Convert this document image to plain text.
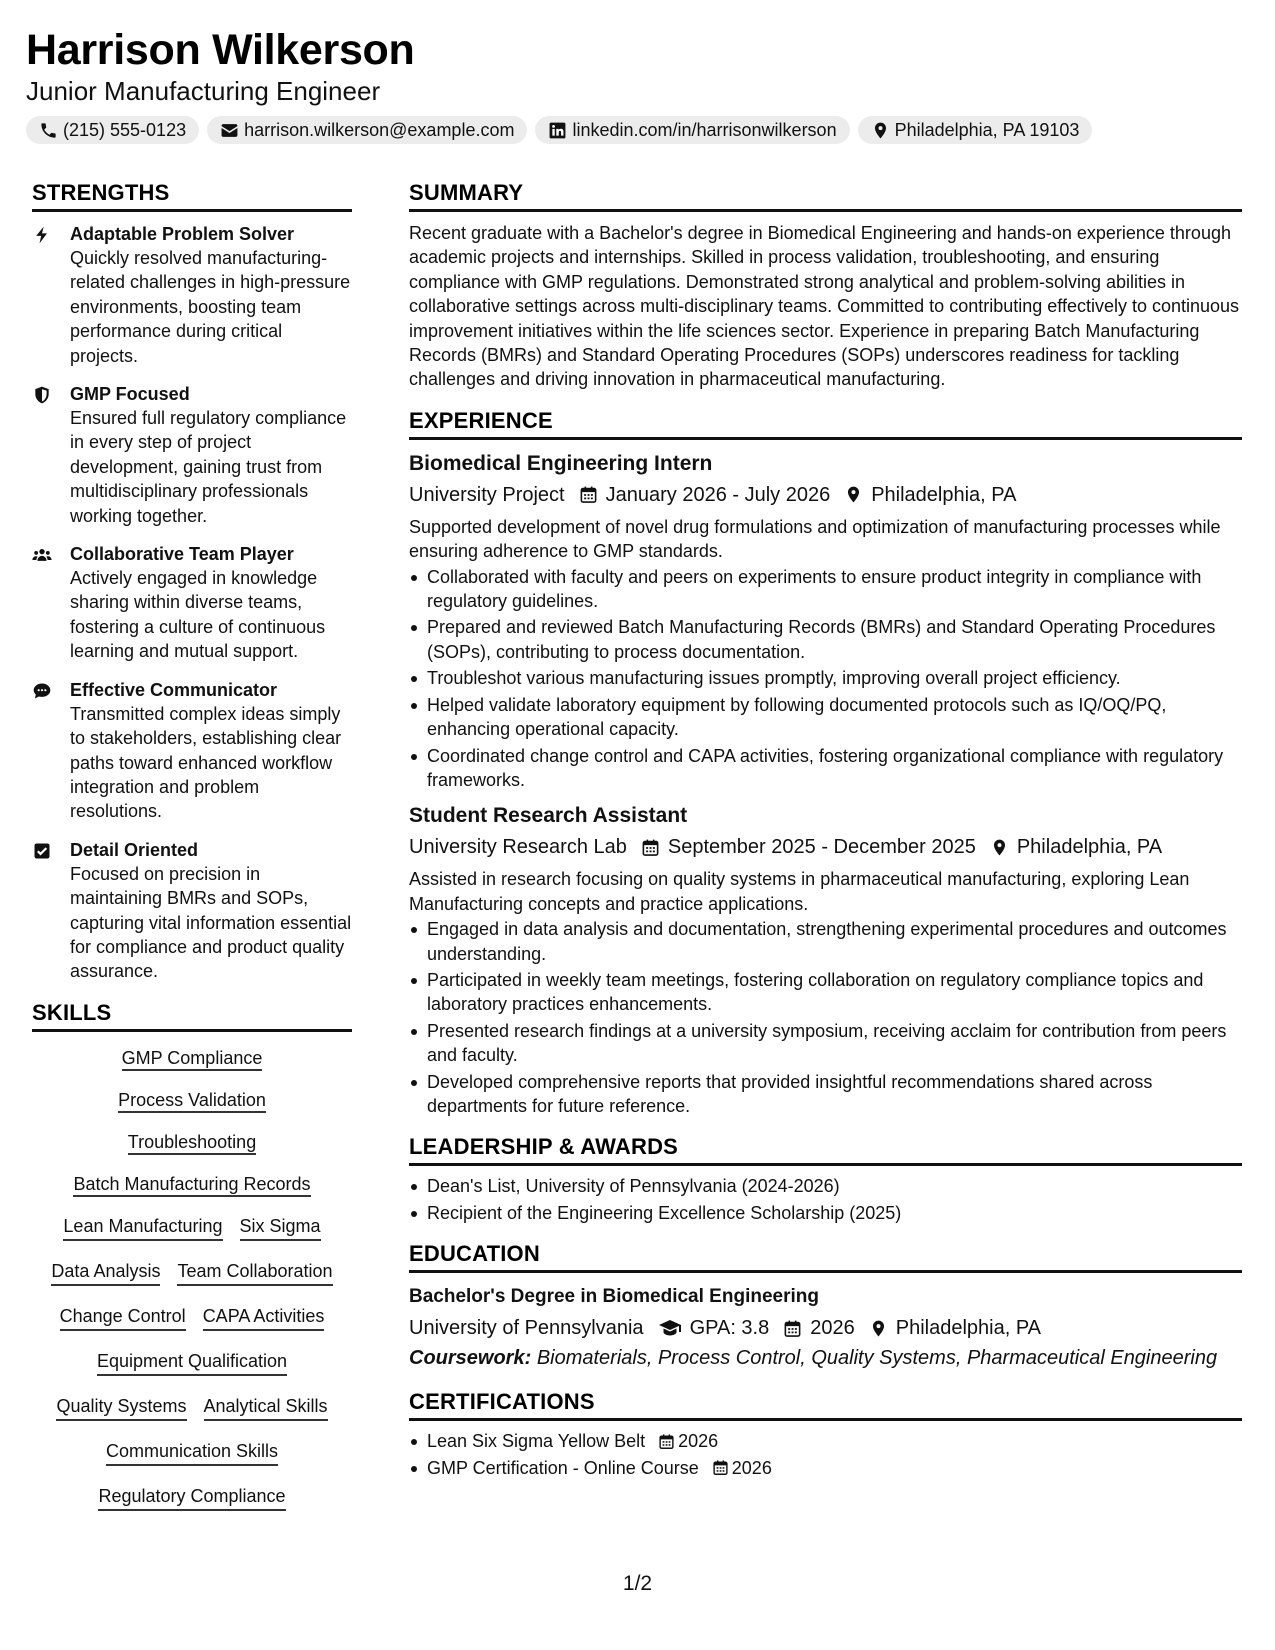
Harrison Wilkerson
Junior Manufacturing Engineer
(215) 555-0123	harrison.wilkerson@example.com	linkedin.com/in/harrisonwilkerson	Philadelphia, PA 19103
STRENGTHS
Adaptable Problem Solver
Quickly resolved manufacturing-related challenges in high-pressure environments, boosting team performance during critical projects.
GMP Focused
Ensured full regulatory compliance in every step of project development, gaining trust from multidisciplinary professionals working together.
Collaborative Team Player
Actively engaged in knowledge sharing within diverse teams, fostering a culture of continuous learning and mutual support.
Effective Communicator
Transmitted complex ideas simply to stakeholders, establishing clear paths toward enhanced workflow integration and problem resolutions.
Detail Oriented
Focused on precision in maintaining BMRs and SOPs, capturing vital information essential for compliance and product quality assurance.
SKILLS
GMP Compliance
Process Validation
Troubleshooting
Batch Manufacturing Records
Lean Manufacturing Six Sigma
Data Analysis Team Collaboration
Change Control CAPA Activities
Equipment Qualification
Quality Systems Analytical Skills
Communication Skills
Regulatory Compliance
SUMMARY
Recent graduate with a Bachelor's degree in Biomedical Engineering and hands-on experience through academic projects and internships. Skilled in process validation, troubleshooting, and ensuring compliance with GMP regulations. Demonstrated strong analytical and problem-solving abilities in collaborative settings across multi-disciplinary teams. Committed to contributing effectively to continuous improvement initiatives within the life sciences sector. Experience in preparing Batch Manufacturing Records (BMRs) and Standard Operating Procedures (SOPs) underscores readiness for tackling challenges and driving innovation in pharmaceutical manufacturing.
EXPERIENCE
Biomedical Engineering Intern
University Project January 2026 - July 2026 Philadelphia, PA
Supported development of novel drug formulations and optimization of manufacturing processes while ensuring adherence to GMP standards.
Collaborated with faculty and peers on experiments to ensure product integrity in compliance with regulatory guidelines.
Prepared and reviewed Batch Manufacturing Records (BMRs) and Standard Operating Procedures (SOPs), contributing to process documentation.
Troubleshot various manufacturing issues promptly, improving overall project efficiency.
Helped validate laboratory equipment by following documented protocols such as IQ/OQ/PQ, enhancing operational capacity.
Coordinated change control and CAPA activities, fostering organizational compliance with regulatory frameworks.
Student Research Assistant
University Research Lab September 2025 - December 2025 Philadelphia, PA
Assisted in research focusing on quality systems in pharmaceutical manufacturing, exploring Lean Manufacturing concepts and practice applications.
Engaged in data analysis and documentation, strengthening experimental procedures and outcomes understanding.
Participated in weekly team meetings, fostering collaboration on regulatory compliance topics and laboratory practices enhancements.
Presented research findings at a university symposium, receiving acclaim for contribution from peers and faculty.
Developed comprehensive reports that provided insightful recommendations shared across departments for future reference.
LEADERSHIP & AWARDS
Dean's List, University of Pennsylvania (2024-2026)
Recipient of the Engineering Excellence Scholarship (2025)
EDUCATION
Bachelor's Degree in Biomedical Engineering
University of Pennsylvania GPA: 3.8 2026 Philadelphia, PA
Coursework: Biomaterials, Process Control, Quality Systems, Pharmaceutical Engineering
CERTIFICATIONS
Lean Six Sigma Yellow Belt 2026
GMP Certification - Online Course 2026
1/2
